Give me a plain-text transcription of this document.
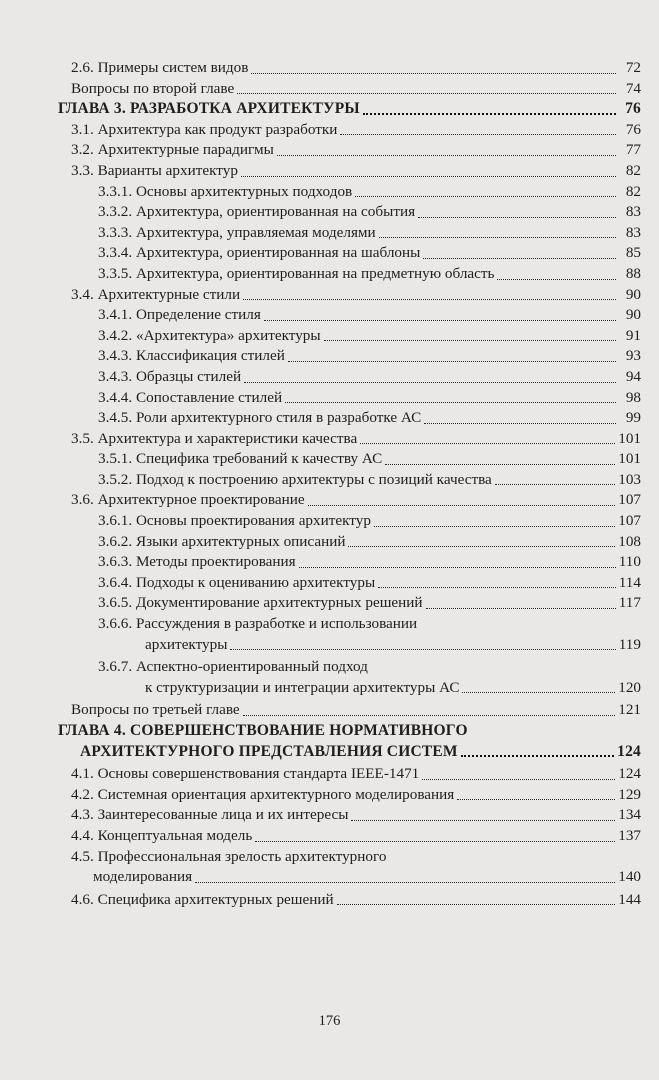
2.6. Примеры систем видов	72
Вопросы по второй главе	74
ГЛАВА 3. РАЗРАБОТКА АРХИТЕКТУРЫ	76
3.1. Архитектура как продукт разработки	76
3.2. Архитектурные парадигмы	77
3.3. Варианты архитектур	82
3.3.1. Основы архитектурных подходов	82
3.3.2. Архитектура, ориентированная на события	83
3.3.3. Архитектура, управляемая моделями	83
3.3.4. Архитектура, ориентированная на шаблоны	85
3.3.5. Архитектура, ориентированная на предметную область	88
3.4. Архитектурные стили	90
3.4.1. Определение стиля	90
3.4.2. «Архитектура» архитектуры	91
3.4.3. Классификация стилей	93
3.4.3. Образцы стилей	94
3.4.4. Сопоставление стилей	98
3.4.5. Роли архитектурного стиля в разработке АС	99
3.5. Архитектура и характеристики качества	101
3.5.1. Специфика требований к качеству АС	101
3.5.2. Подход к построению архитектуры с позиций качества	103
3.6. Архитектурное проектирование	107
3.6.1. Основы проектирования архитектур	107
3.6.2. Языки архитектурных описаний	108
3.6.3. Методы проектирования	110
3.6.4. Подходы к оцениванию архитектуры	114
3.6.5. Документирование архитектурных решений	117
3.6.6. Рассуждения в разработке и использовании
архитектуры	119
3.6.7. Аспектно-ориентированный подход
к структуризации и интеграции архитектуры АС	120
Вопросы по третьей главе	121
ГЛАВА 4. СОВЕРШЕНСТВОВАНИЕ НОРМАТИВНОГО
АРХИТЕКТУРНОГО ПРЕДСТАВЛЕНИЯ СИСТЕМ	124
4.1. Основы совершенствования стандарта IEEE-1471	124
4.2. Системная ориентация архитектурного моделирования	129
4.3. Заинтересованные лица и их интересы	134
4.4. Концептуальная модель	137
4.5. Профессиональная зрелость архитектурного
моделирования	140
4.6. Специфика архитектурных решений	144
176
